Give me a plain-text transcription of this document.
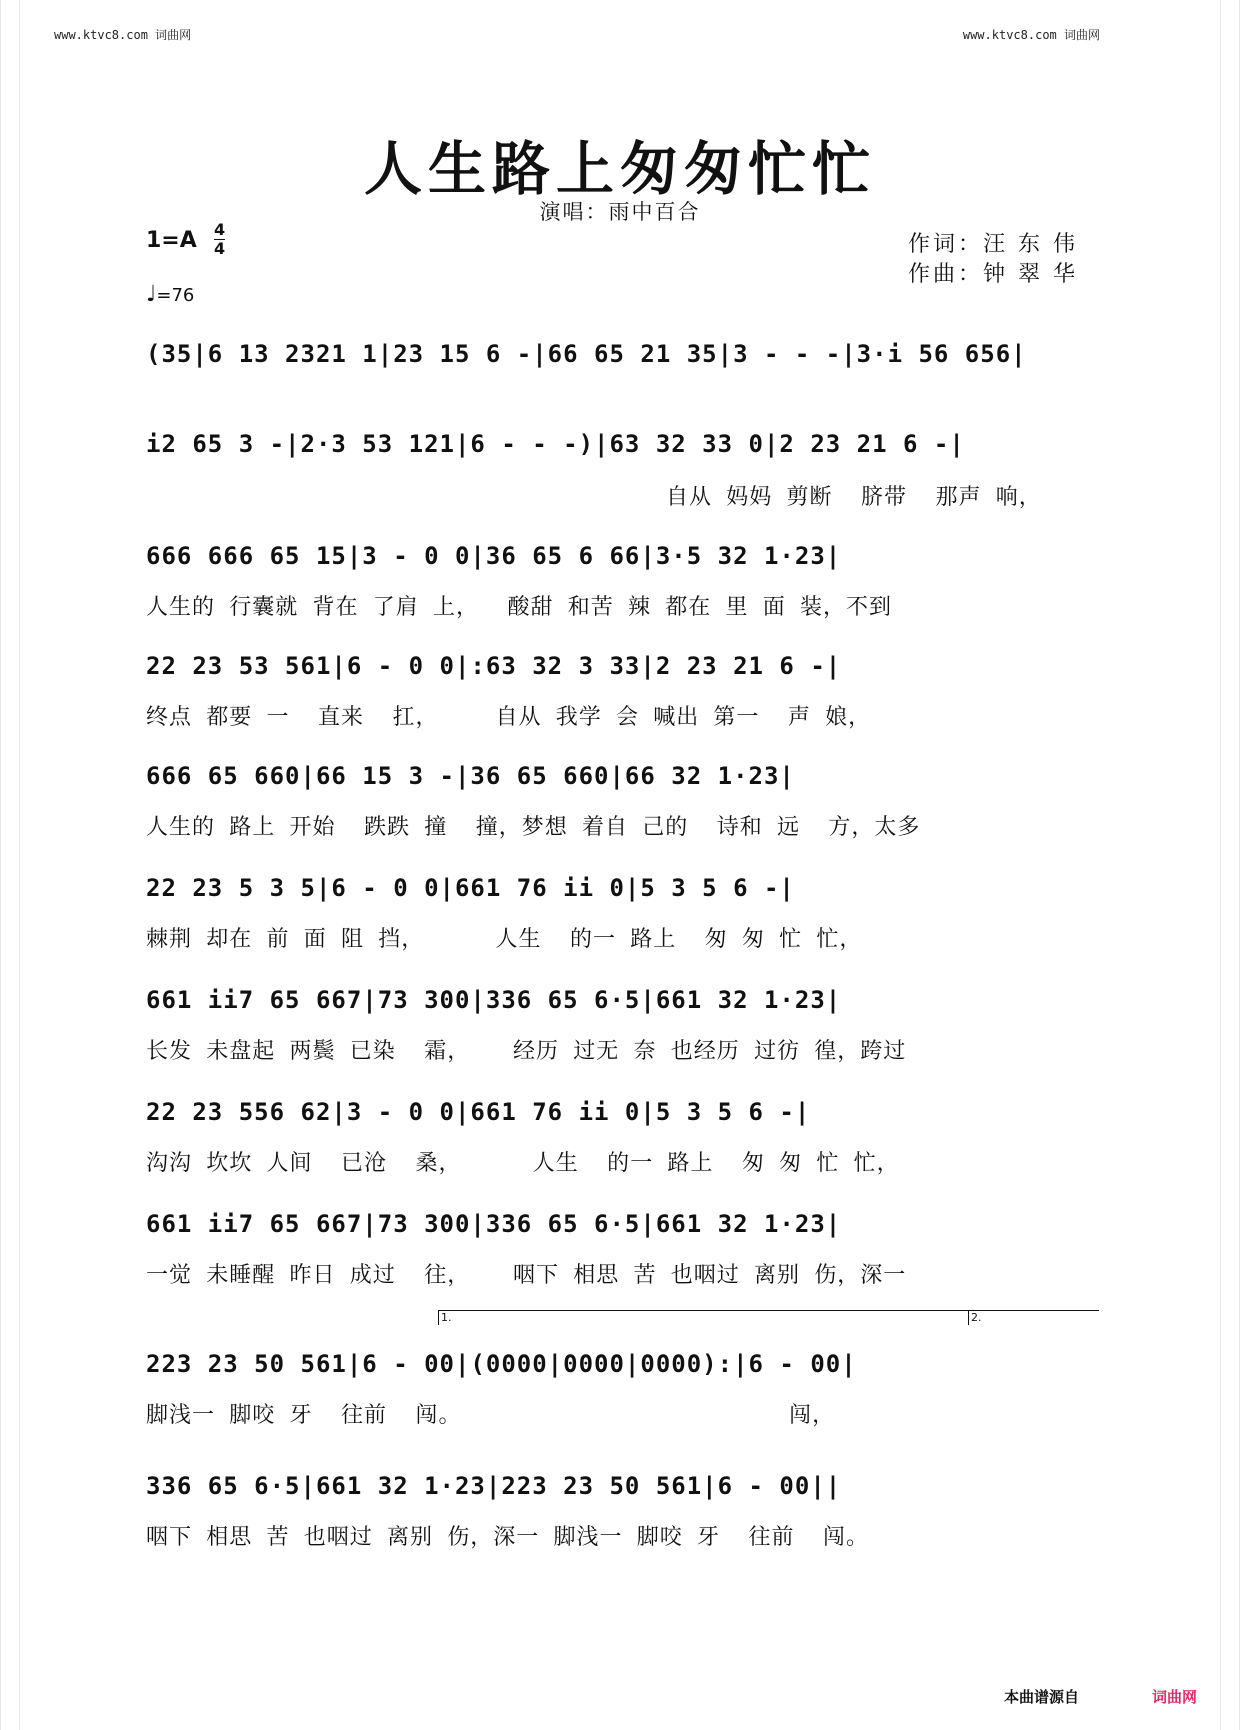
www.ktvc8.com 词曲网	www.ktvc8.com 词曲网
人生路上匆匆忙忙
演唱：雨中百合
$1=A \frac{4}{4}$
♩=76
作词：汪 东 伟
作曲：钟 翠 华
(35|6 13 2321 1|23 15 6 -|66 65 21 35|3 - - -|3·i 56 656|
i2 65 3 -|2·3 53 121|6 - - -)|63 32 33 0|2 23 21 6 -|
自从 妈妈 剪断  脐带  那声 响，
666 666 65 15|3 - 0 0|36 65 6 66|3·5 32 1·23|
人生的 行囊就 背在 了肩 上，  酸甜 和苦 辣 都在 里 面 装，不到
22 23 53 561|6 - 0 0|:63 32 3 33|2 23 21 6 -|
终点 都要 一  直来  扛，    自从 我学 会 喊出 第一  声 娘，
666 65 660|66 15 3 -|36 65 660|66 32 1·23|
人生的 路上 开始  跌跌 撞  撞，梦想 着自 己的  诗和 远  方，太多
22 23 5 3 5|6 - 0 0|661 76 ii 0|5 3 5 6 -|
棘荆 却在 前 面 阻 挡，     人生  的一 路上  匆 匆 忙 忙，
661 ii7 65 667|73 300|336 65 6·5|661 32 1·23|
长发 未盘起 两鬓 已染  霜，   经历 过无 奈 也经历 过彷 徨，跨过
22 23 556 62|3 - 0 0|661 76 ii 0|5 3 5 6 -|
沟沟 坎坎 人间  已沧  桑，     人生  的一 路上  匆 匆 忙 忙，
661 ii7 65 667|73 300|336 65 6·5|661 32 1·23|
一觉 未睡醒 昨日 成过  往，   咽下 相思 苦 也咽过 离别 伤，深一
1.	2.
223 23 50 561|6 - 00|(0000|0000|0000):|6 - 00|
脚浅一 脚咬 牙  往前  闯。                       闯，
336 65 6·5|661 32 1·23|223 23 50 561|6 - 00||
咽下 相思 苦 也咽过 离别 伤，深一 脚浅一 脚咬 牙  往前  闯。
本曲谱源自	词曲网
